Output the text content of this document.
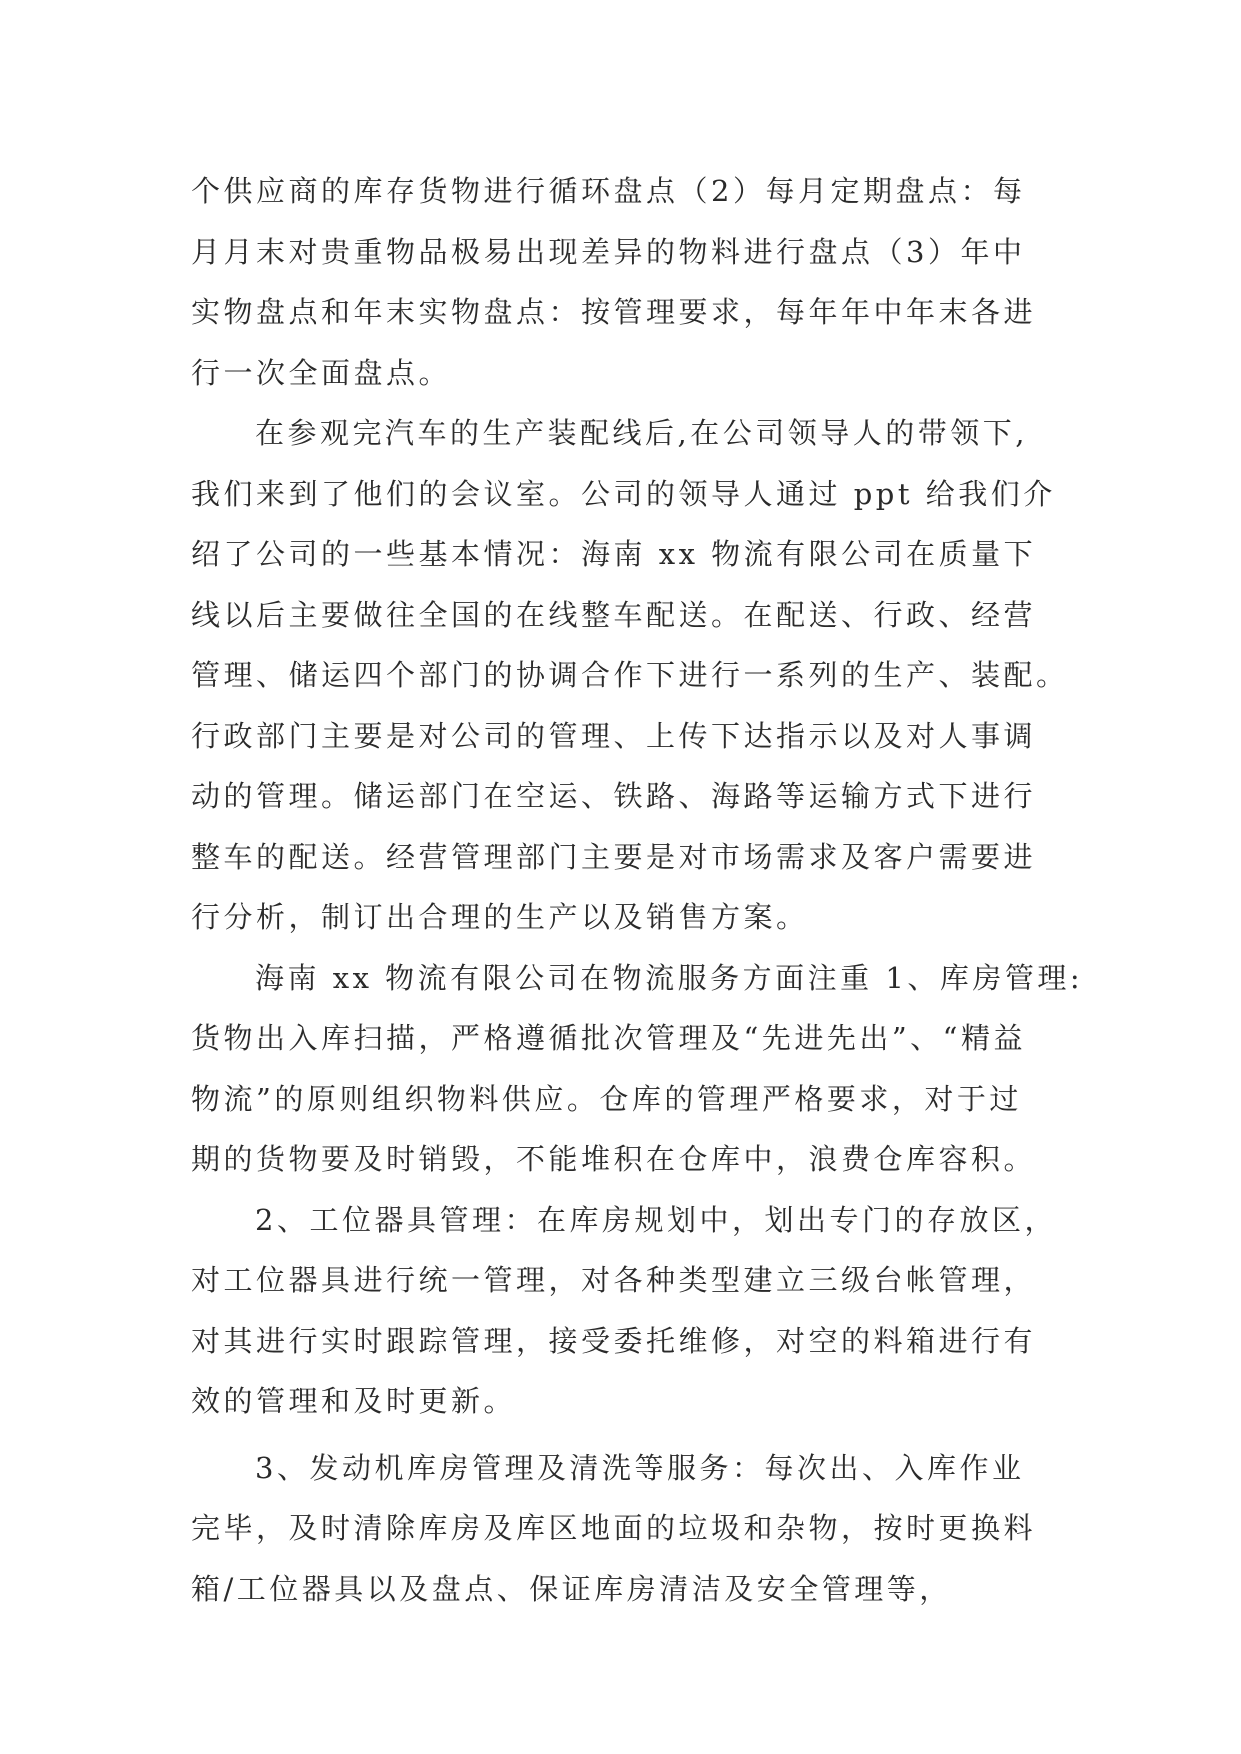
个供应商的库存货物进行循环盘点（2）每月定期盘点：每
月月末对贵重物品极易出现差异的物料进行盘点（3）年中
实物盘点和年末实物盘点：按管理要求，每年年中年末各进
行一次全面盘点。

在参观完汽车的生产装配线后,在公司领导人的带领下,
我们来到了他们的会议室。公司的领导人通过 ppt 给我们介
绍了公司的一些基本情况：海南 xx 物流有限公司在质量下
线以后主要做往全国的在线整车配送。在配送、行政、经营
管理、储运四个部门的协调合作下进行一系列的生产、装配。
行政部门主要是对公司的管理、上传下达指示以及对人事调
动的管理。储运部门在空运、铁路、海路等运输方式下进行
整车的配送。经营管理部门主要是对市场需求及客户需要进
行分析，制订出合理的生产以及销售方案。

海南 xx 物流有限公司在物流服务方面注重 1、库房管理:
货物出入库扫描，严格遵循批次管理及“先进先出”、“精益
物流”的原则组织物料供应。仓库的管理严格要求，对于过
期的货物要及时销毁，不能堆积在仓库中，浪费仓库容积。

2、工位器具管理：在库房规划中，划出专门的存放区，
对工位器具进行统一管理，对各种类型建立三级台帐管理，
对其进行实时跟踪管理，接受委托维修，对空的料箱进行有
效的管理和及时更新。

3、发动机库房管理及清洗等服务：每次出、入库作业
完毕，及时清除库房及库区地面的垃圾和杂物，按时更换料
箱/工位器具以及盘点、保证库房清洁及安全管理等，
